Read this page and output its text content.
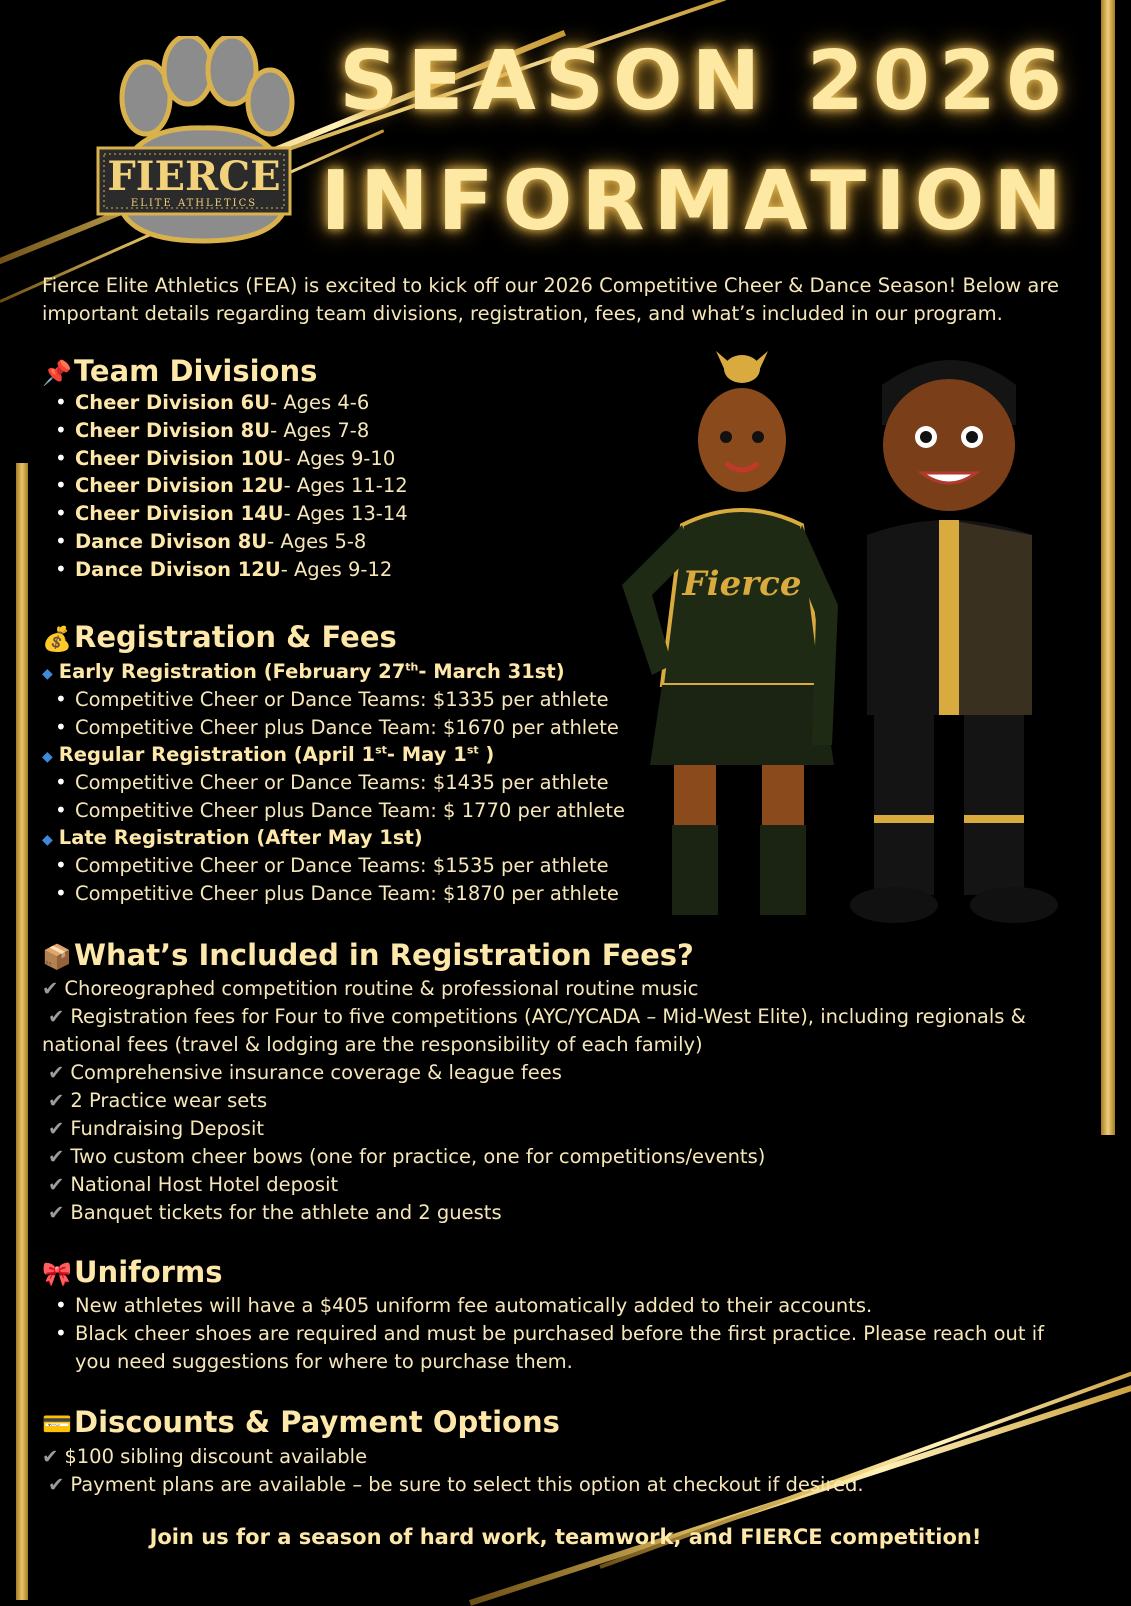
FIERCE
ELITE ATHLETICS
SEASON 2026
INFORMATION
Fierce Elite Athletics (FEA) is excited to kick off our 2026 Competitive Cheer & Dance Season! Below are important details regarding team divisions, registration, fees, and what’s included in our program.
📌Team Divisions
• Cheer Division 6U- Ages 4-6
• Cheer Division 8U- Ages 7-8
• Cheer Division 10U- Ages 9-10
• Cheer Division 12U- Ages 11-12
• Cheer Division 14U- Ages 13-14
• Dance Divison 8U- Ages 5-8
• Dance Divison 12U- Ages 9-12
💰Registration & Fees
◆ Early Registration (February 27th- March 31st)
• Competitive Cheer or Dance Teams: $1335 per athlete
• Competitive Cheer plus Dance Team: $1670 per athlete
◆ Regular Registration (April 1st- May 1st )
• Competitive Cheer or Dance Teams: $1435 per athlete
• Competitive Cheer plus Dance Team: $ 1770 per athlete
◆ Late Registration (After May 1st)
• Competitive Cheer or Dance Teams: $1535 per athlete
• Competitive Cheer plus Dance Team: $1870 per athlete
Fierce
📦What’s Included in Registration Fees?
✔ Choreographed competition routine & professional routine music
✔ Registration fees for Four to five competitions (AYC/YCADA – Mid-West Elite), including regionals &
national fees (travel & lodging are the responsibility of each family)
✔ Comprehensive insurance coverage & league fees
✔ 2 Practice wear sets
✔ Fundraising Deposit
✔ Two custom cheer bows (one for practice, one for competitions/events)
✔ National Host Hotel deposit
✔ Banquet tickets for the athlete and 2 guests
🎀Uniforms
• New athletes will have a $405 uniform fee automatically added to their accounts.
• Black cheer shoes are required and must be purchased before the first practice. Please reach out if
you need suggestions for where to purchase them.
💳Discounts & Payment Options
✔ $100 sibling discount available
✔ Payment plans are available – be sure to select this option at checkout if desired.
Join us for a season of hard work, teamwork, and FIERCE competition!
